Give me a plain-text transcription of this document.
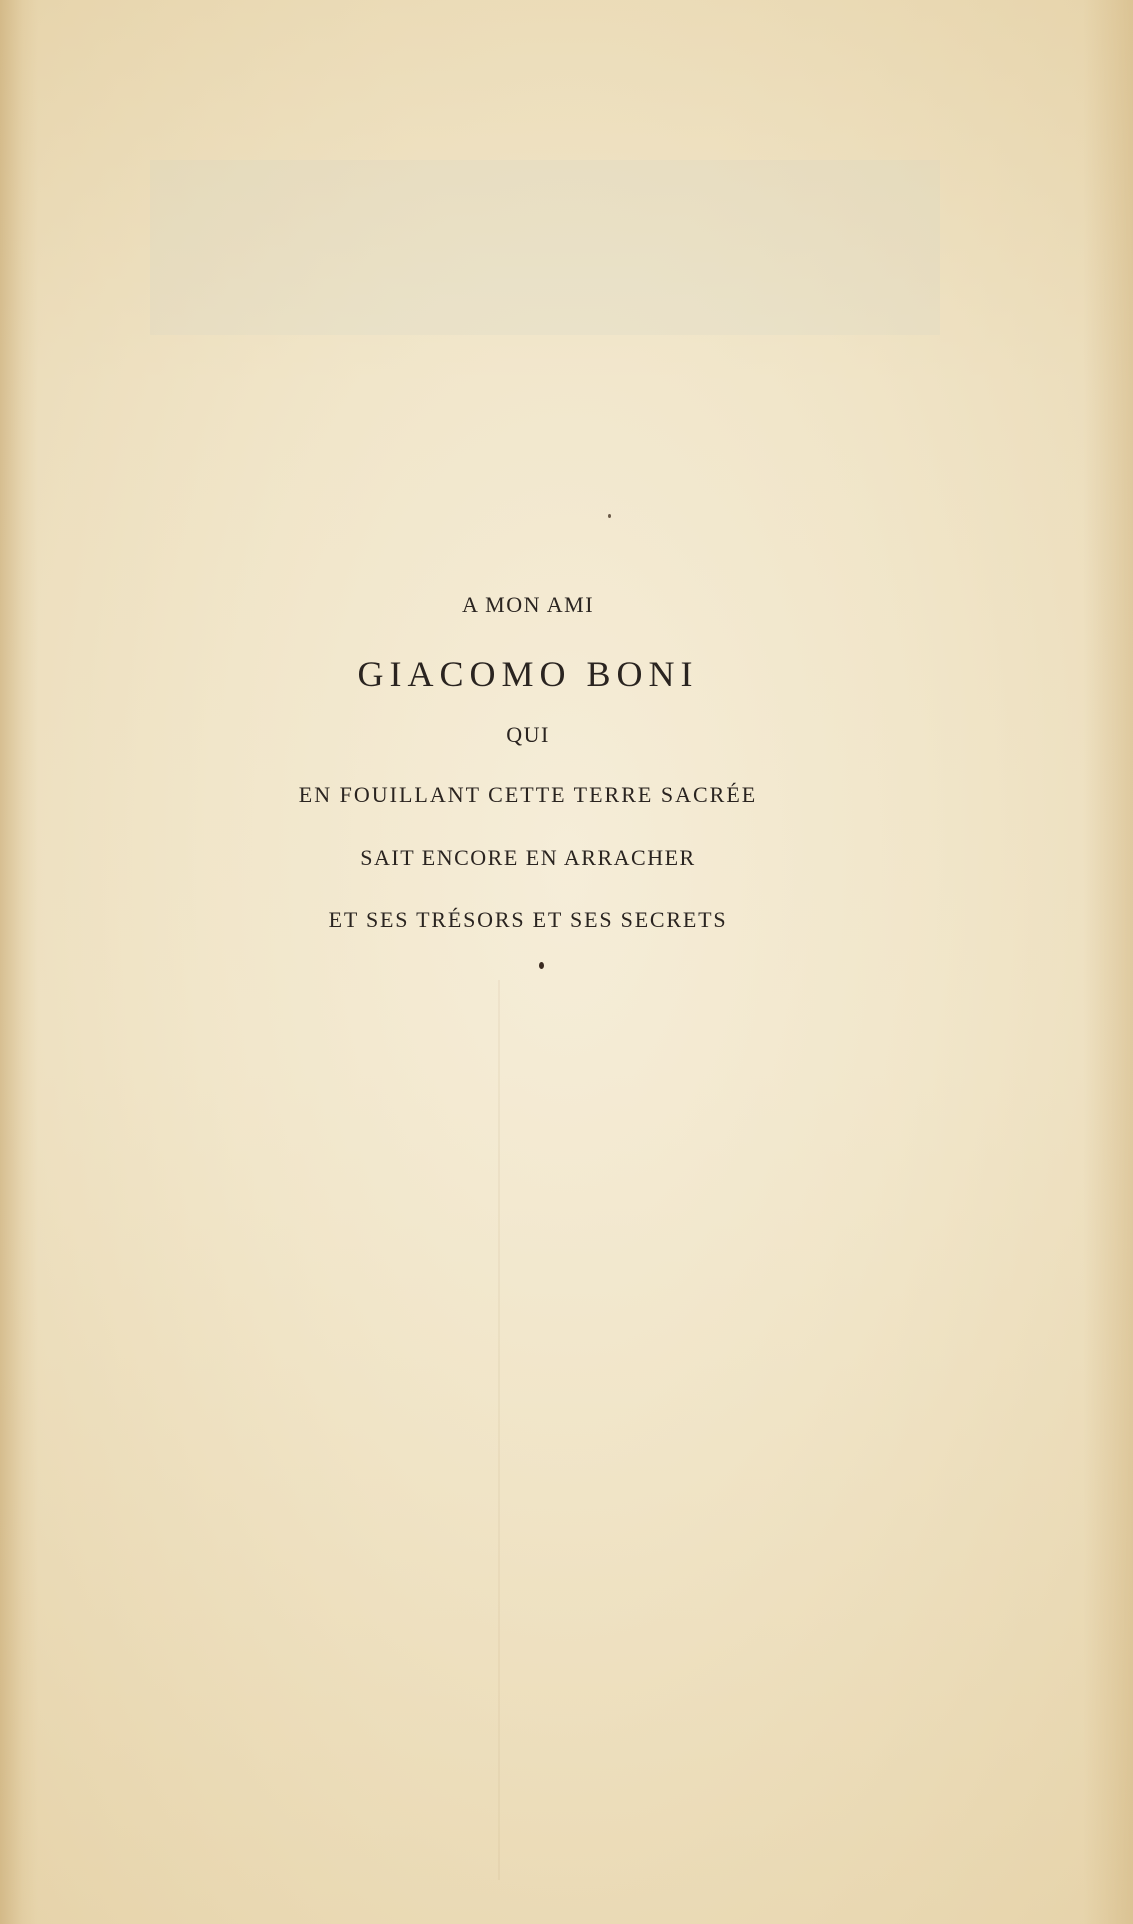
A MON AMI
GIACOMO BONI
QUI
EN FOUILLANT CETTE TERRE SACRÉE
SAIT ENCORE EN ARRACHER
ET SES TRÉSORS ET SES SECRETS
